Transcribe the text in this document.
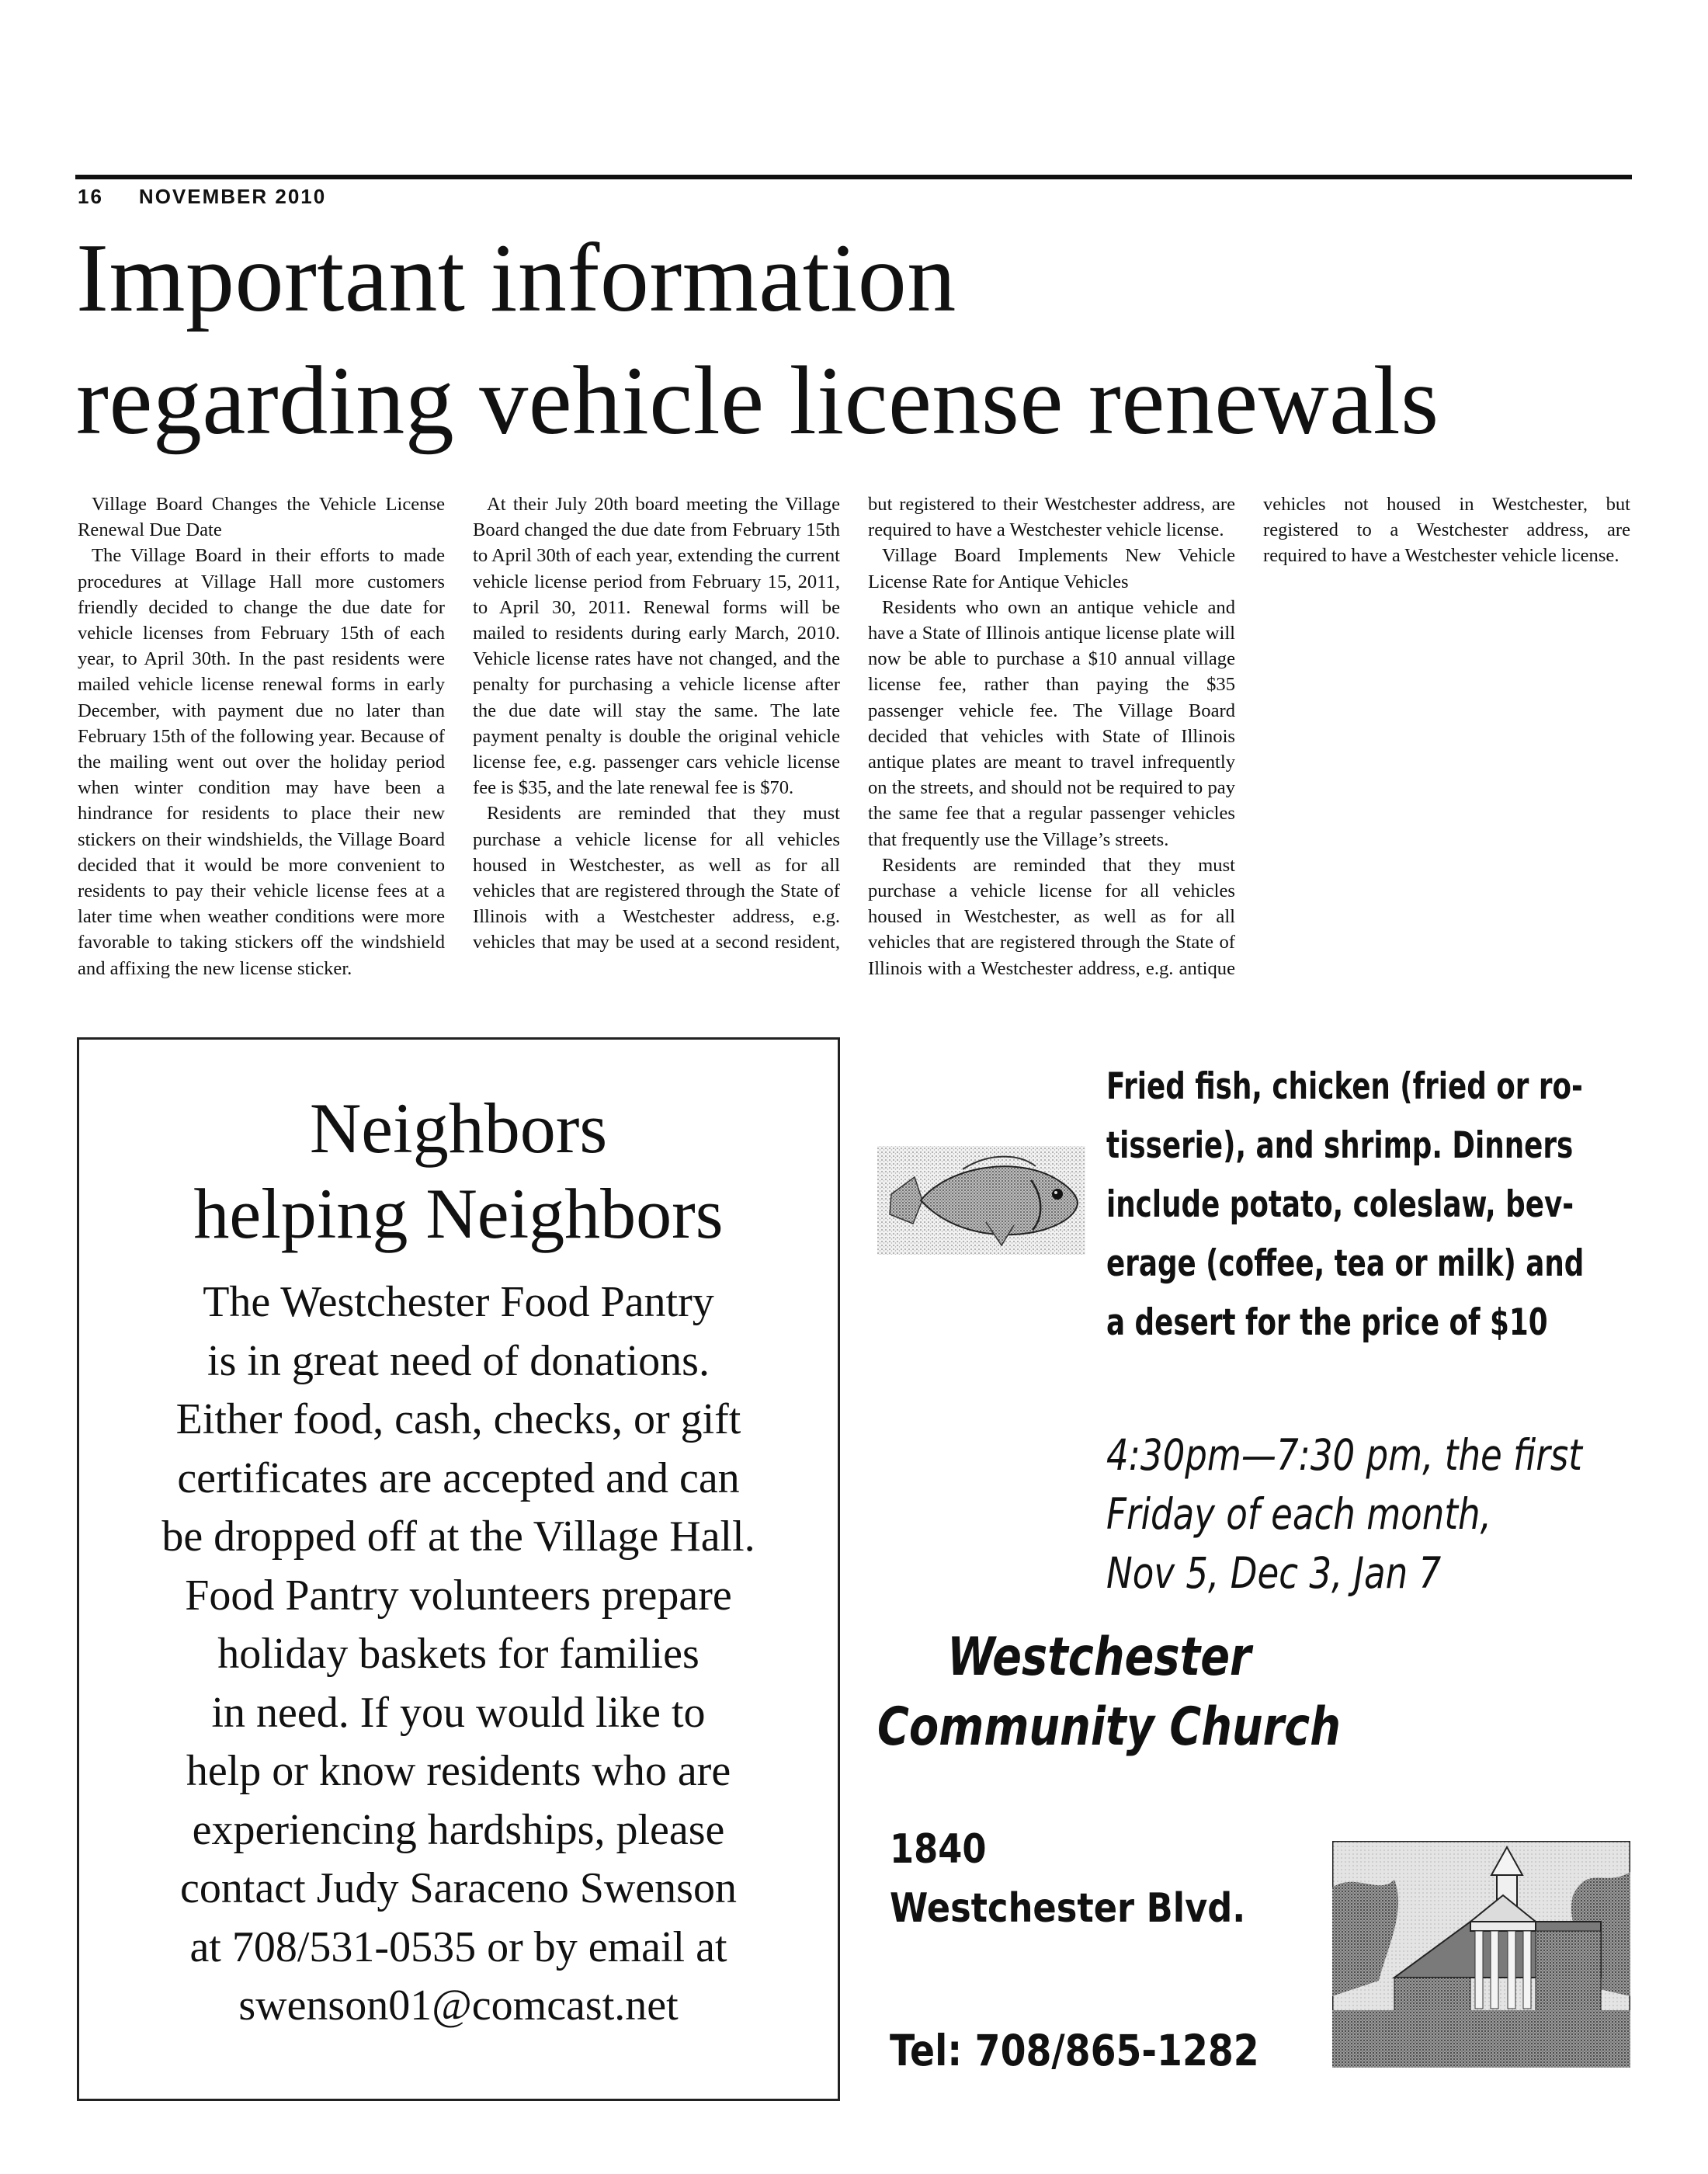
16 NOVEMBER 2010
Important information
regarding vehicle license renewals

Village Board Changes the Vehicle License Renewal Due Date

The Village Board in their efforts to made procedures at Village Hall more customers friendly decided to change the due date for vehicle licenses from February 15th of each year, to April 30th. In the past residents were mailed vehicle license renewal forms in early December, with payment due no later than February 15th of the following year. Because of the mailing went out over the holiday period when winter condition may have been a hindrance for residents to place their new stickers on their windshields, the Village Board decided that it would be more convenient to residents to pay their vehicle license fees at a later time when weather conditions were more favorable to taking stickers off the windshield and affixing the new license sticker.

At their July 20th board meeting the Village Board changed the due date from February 15th to April 30th of each year, extending the current vehicle license period from February 15, 2011, to April 30, 2011. Renewal forms will be mailed to residents during early March, 2010. Vehicle license rates have not changed, and the penalty for purchasing a vehicle license after the due date will stay the same. The late payment penalty is double the original vehicle license fee, e.g. passenger cars vehicle license fee is $35, and the late renewal fee is $70.

Residents are reminded that they must purchase a vehicle license for all vehicles housed in Westchester, as well as for all vehicles that are registered through the State of Illinois with a Westchester address, e.g. vehicles that may be used at a second resident, but registered to their Westchester address, are required to have a Westchester vehicle license.

Village Board Implements New Vehicle License Rate for Antique Vehicles

Residents who own an antique vehicle and have a State of Illinois antique license plate will now be able to purchase a $10 annual village license fee, rather than paying the $35 passenger vehicle fee. The Village Board decided that vehicles with State of Illinois antique plates are meant to travel infrequently on the streets, and should not be required to pay the same fee that a regular passenger vehicles that frequently use the Village’s streets.

Residents are reminded that they must purchase a vehicle license for all vehicles housed in Westchester, as well as for all vehicles that are registered through the State of Illinois with a Westchester address, e.g. antique vehicles not housed in Westchester, but registered to a Westchester address, are required to have a Westchester vehicle license.

Neighbors
helping Neighbors
The Westchester Food Pantry
is in great need of donations.
Either food, cash, checks, or gift
certificates are accepted and can
be dropped off at the Village Hall.
Food Pantry volunteers prepare
holiday baskets for families
in need. If you would like to
help or know residents who are
experiencing hardships, please
contact Judy Saraceno Swenson
at 708/531-0535 or by email at
swenson01@comcast.net
Fried fish, chicken (fried or ro-
tisserie), and shrimp. Dinners
include potato, coleslaw, bev-
erage (coffee, tea or milk) and
a desert for the price of $10
4:30pm—7:30 pm, the first
Friday of each month,
Nov 5, Dec 3, Jan 7
Westchester
Community Church
1840
Westchester Blvd.
Tel: 708/865-1282
